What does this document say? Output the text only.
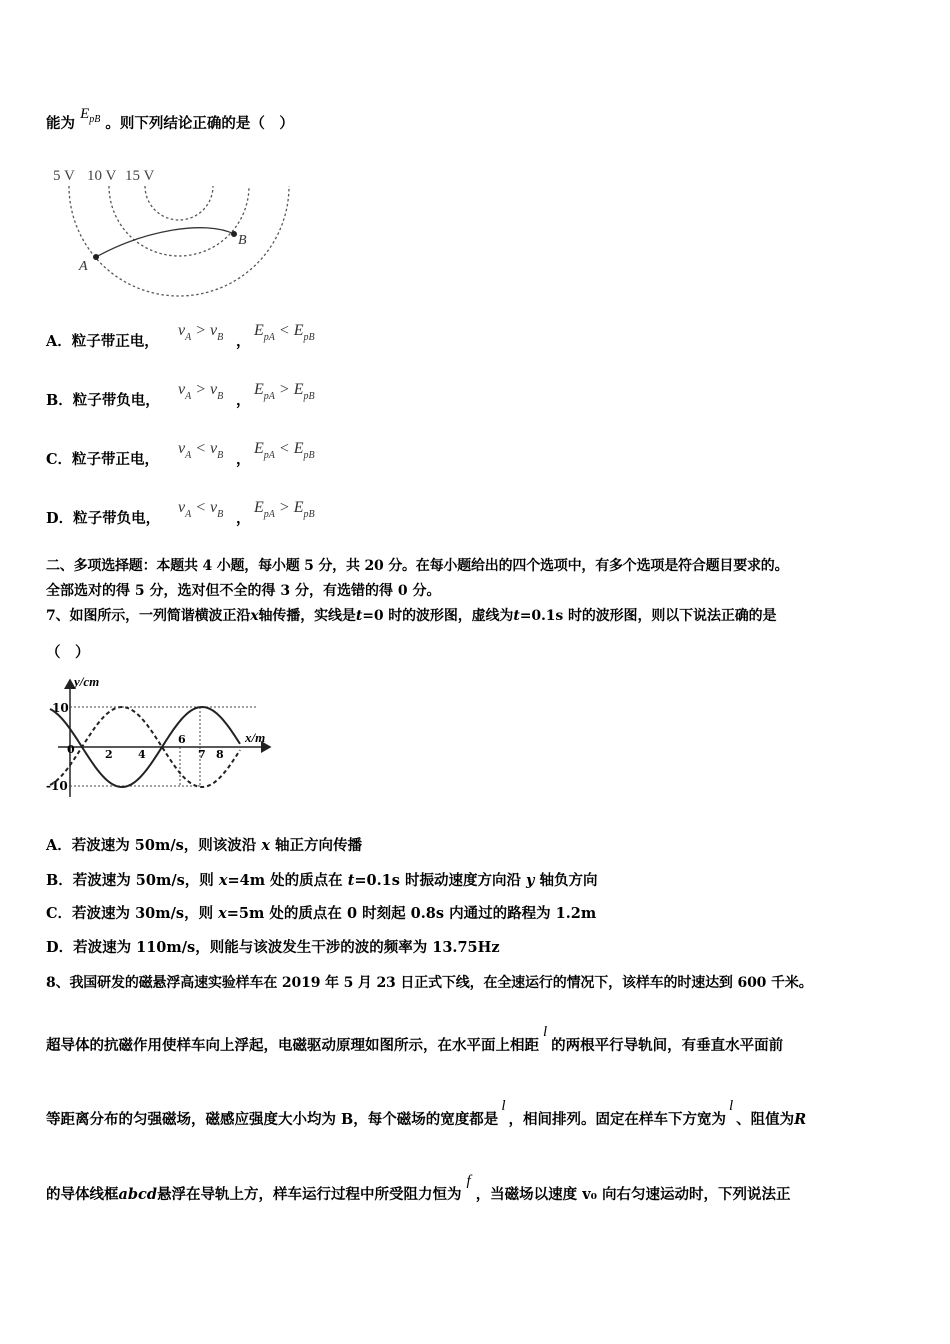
能为 $E_{pB}$ 。则下列结论正确的是（　）
5 V 10 V 15 V
A
B
A．粒子带正电，
$v_A > v_B$ ，
$E_{pA} < E_{pB}$
B．粒子带负电，
$v_A > v_B$ ，
$E_{pA} > E_{pB}$
C．粒子带正电，
$v_A < v_B$ ，
$E_{pA} < E_{pB}$
D．粒子带负电，
$v_A < v_B$ ，
$E_{pA} > E_{pB}$
二、多项选择题：本题共 4 小题，每小题 5 分，共 20 分。在每小题给出的四个选项中，有多个选项是符合题目要求的。
全部选对的得 5 分，选对但不全的得 3 分，有选错的得 0 分。
7、如图所示，一列简谐横波正沿x轴传播，实线是t=0 时的波形图，虚线为t=0.1s 时的波形图，则以下说法正确的是
（　）
y/cm
x/m
10
-10
0	2 4
6
7 8
A．若波速为 50m/s，则该波沿 x 轴正方向传播
B．若波速为 50m/s，则 x=4m 处的质点在 t=0.1s 时振动速度方向沿 y 轴负方向
C．若波速为 30m/s，则 x=5m 处的质点在 0 时刻起 0.8s 内通过的路程为 1.2m
D．若波速为 110m/s，则能与该波发生干涉的波的频率为 13.75Hz
8、我国研发的磁悬浮高速实验样车在 2019 年 5 月 23 日正式下线，在全速运行的情况下，该样车的时速达到 600 千米。
超导体的抗磁作用使样车向上浮起，电磁驱动原理如图所示，在水平面上相距l的两根平行导轨间，有垂直水平面前
等距离分布的匀强磁场，磁感应强度大小均为 B，每个磁场的宽度都是l，相间排列。固定在样车下方宽为l、阻值为R
的导体线框abcd悬浮在导轨上方，样车运行过程中所受阻力恒为f，当磁场以速度 v₀ 向右匀速运动时，下列说法正
